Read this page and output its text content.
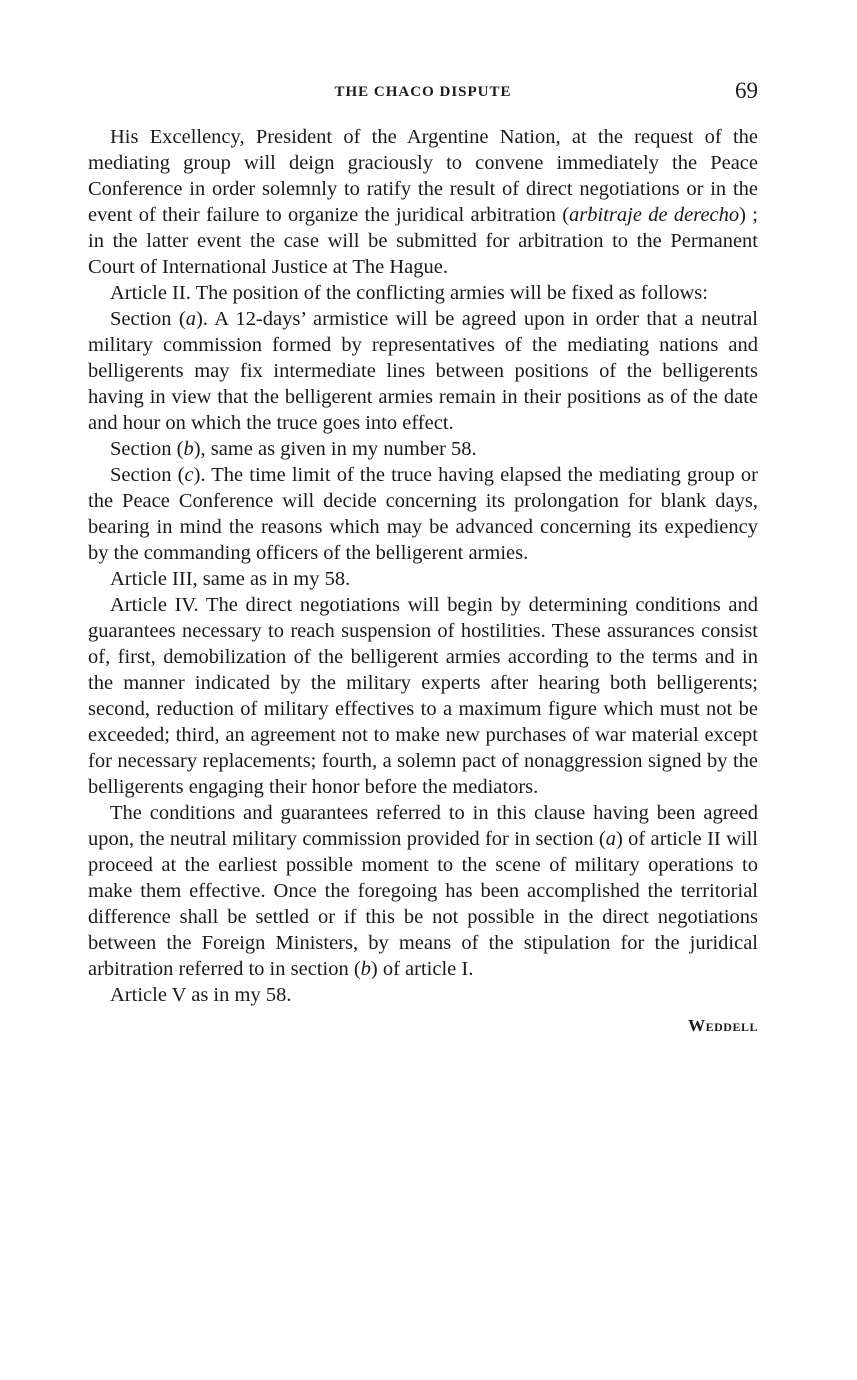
THE CHACO DISPUTE	69

His Excellency, President of the Argentine Nation, at the request of the mediating group will deign graciously to convene immediately the Peace Conference in order solemnly to ratify the result of direct negotiations or in the event of their failure to organize the juridical arbitration (arbitraje de derecho) ; in the latter event the case will be submitted for arbitration to the Permanent Court of International Justice at The Hague.

Article II. The position of the conflicting armies will be fixed as follows:

Section (a). A 12-days’ armistice will be agreed upon in order that a neutral military commission formed by representatives of the mediating nations and belligerents may fix intermediate lines between positions of the belligerents having in view that the belligerent armies remain in their positions as of the date and hour on which the truce goes into effect.

Section (b), same as given in my number 58.

Section (c). The time limit of the truce having elapsed the mediating group or the Peace Conference will decide concerning its prolongation for blank days, bearing in mind the reasons which may be advanced concerning its expediency by the commanding officers of the belligerent armies.

Article III, same as in my 58.

Article IV. The direct negotiations will begin by determining conditions and guarantees necessary to reach suspension of hostilities. These assurances consist of, first, demobilization of the belligerent armies according to the terms and in the manner indicated by the military experts after hearing both belligerents; second, reduction of military effectives to a maximum figure which must not be exceeded; third, an agreement not to make new purchases of war material except for necessary replacements; fourth, a solemn pact of nonaggression signed by the belligerents engaging their honor before the mediators.

The conditions and guarantees referred to in this clause having been agreed upon, the neutral military commission provided for in section (a) of article II will proceed at the earliest possible moment to the scene of military operations to make them effective. Once the foregoing has been accomplished the territorial difference shall be settled or if this be not possible in the direct negotiations between the Foreign Ministers, by means of the stipulation for the juridical arbitration referred to in section (b) of article I.

Article V as in my 58.

Weddell
